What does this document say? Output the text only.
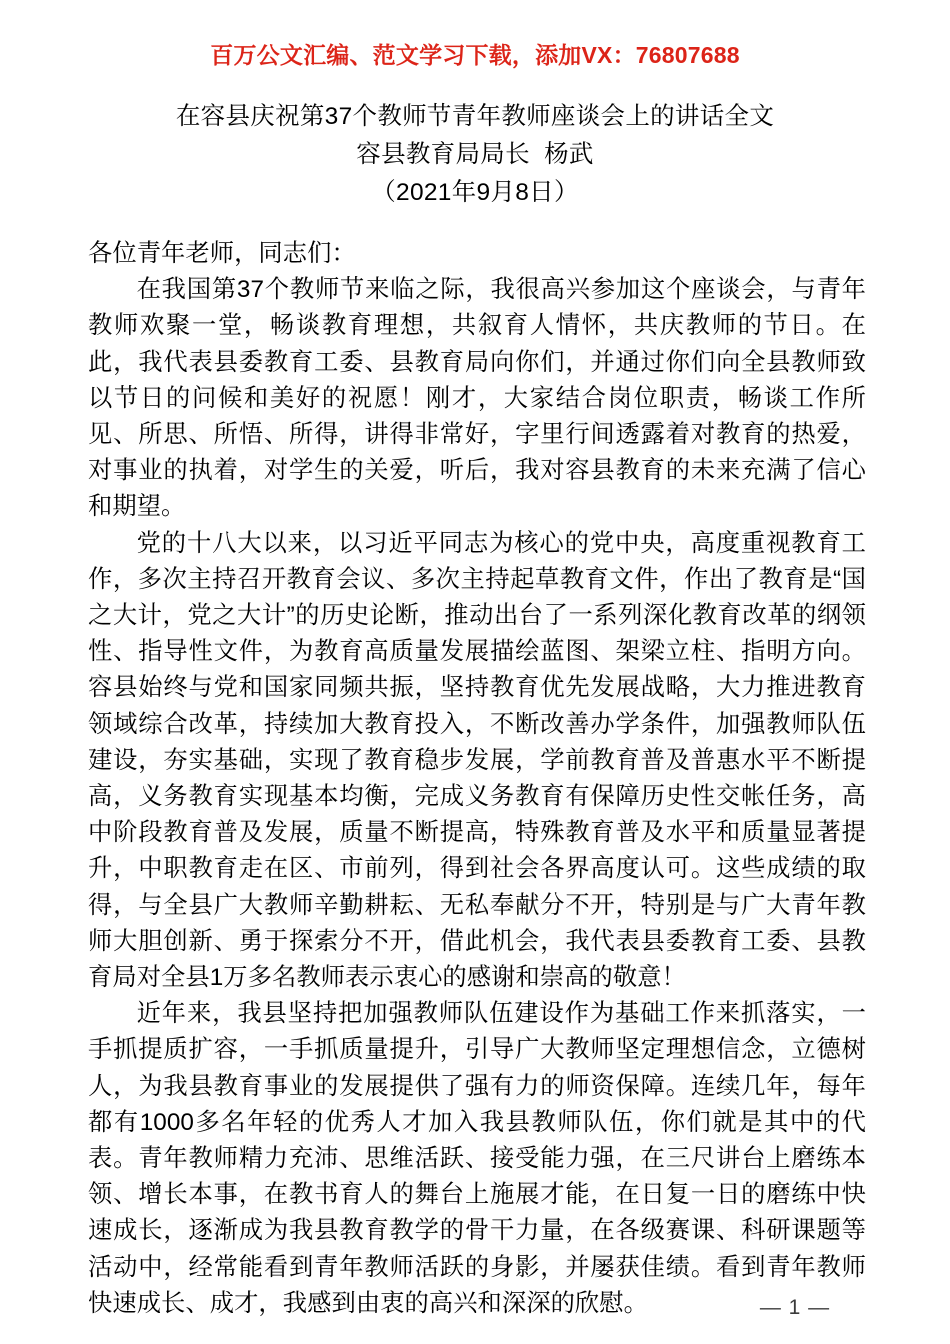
百万公文汇编、范文学习下载，添加VX：76807688
在容县庆祝第37个教师节青年教师座谈会上的讲话全文
容县教育局局长  杨武
（2021年9月8日）

各位青年老师，同志们：

在我国第37个教师节来临之际，我很高兴参加这个座谈会，与青年教师欢聚一堂，畅谈教育理想，共叙育人情怀，共庆教师的节日。在此，我代表县委教育工委、县教育局向你们，并通过你们向全县教师致以节日的问候和美好的祝愿！刚才，大家结合岗位职责，畅谈工作所见、所思、所悟、所得，讲得非常好，字里行间透露着对教育的热爱，对事业的执着，对学生的关爱，听后，我对容县教育的未来充满了信心和期望。

党的十八大以来，以习近平同志为核心的党中央，高度重视教育工作，多次主持召开教育会议、多次主持起草教育文件，作出了教育是“国之大计，党之大计”的历史论断，推动出台了一系列深化教育改革的纲领性、指导性文件，为教育高质量发展描绘蓝图、架梁立柱、指明方向。容县始终与党和国家同频共振，坚持教育优先发展战略，大力推进教育领域综合改革，持续加大教育投入，不断改善办学条件，加强教师队伍建设，夯实基础，实现了教育稳步发展，学前教育普及普惠水平不断提高，义务教育实现基本均衡，完成义务教育有保障历史性交帐任务，高中阶段教育普及发展，质量不断提高，特殊教育普及水平和质量显著提升，中职教育走在区、市前列，得到社会各界高度认可。这些成绩的取得，与全县广大教师辛勤耕耘、无私奉献分不开，特别是与广大青年教师大胆创新、勇于探索分不开，借此机会，我代表县委教育工委、县教育局对全县1万多名教师表示衷心的感谢和崇高的敬意！

近年来，我县坚持把加强教师队伍建设作为基础工作来抓落实，一手抓提质扩容，一手抓质量提升，引导广大教师坚定理想信念，立德树人，为我县教育事业的发展提供了强有力的师资保障。连续几年，每年都有1000多名年轻的优秀人才加入我县教师队伍，你们就是其中的代表。青年教师精力充沛、思维活跃、接受能力强，在三尺讲台上磨练本领、增长本事，在教书育人的舞台上施展才能，在日复一日的磨练中快速成长，逐渐成为我县教育教学的骨干力量，在各级赛课、科研课题等活动中，经常能看到青年教师活跃的身影，并屡获佳绩。看到青年教师快速成长、成才，我感到由衷的高兴和深深的欣慰。	— 1 —
